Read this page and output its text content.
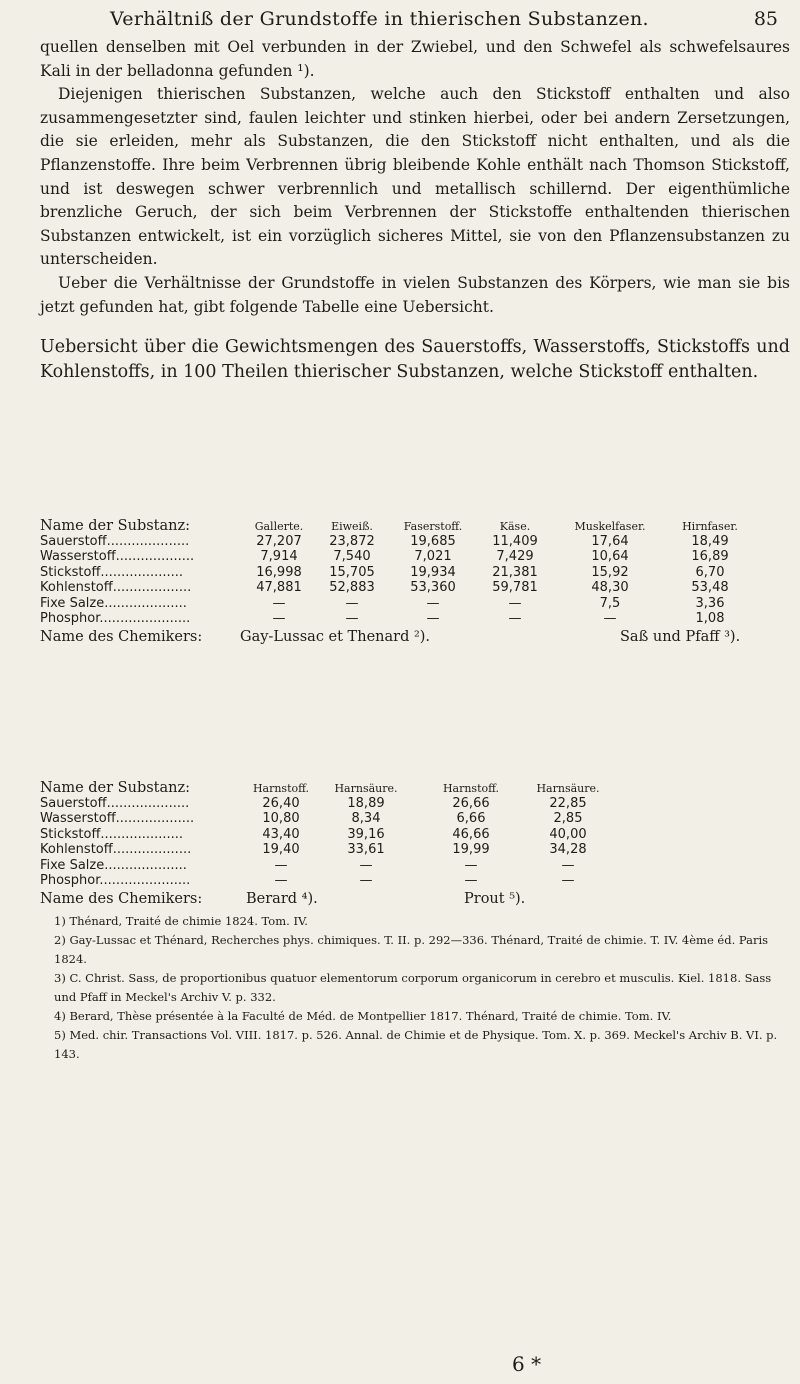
Verhältniß der Grundstoffe in thierischen Substanzen.	85

quellen denselben mit Oel verbunden in der Zwiebel, und den Schwefel als schwefelsaures Kali in der belladonna gefunden ¹).

Diejenigen thierischen Substanzen, welche auch den Stickstoff enthalten und also zusammengesetzter sind, faulen leichter und stinken hierbei, oder bei andern Zersetzungen, die sie erleiden, mehr als Substanzen, die den Stickstoff nicht enthalten, und als die Pflanzenstoffe. Ihre beim Verbrennen übrig bleibende Kohle enthält nach Thomson Stickstoff, und ist deswegen schwer verbrennlich und metallisch schillernd. Der eigenthümliche brenzliche Geruch, der sich beim Verbrennen der Stickstoffe enthaltenden thierischen Substanzen entwickelt, ist ein vorzüglich sicheres Mittel, sie von den Pflanzensubstanzen zu unterscheiden.

Ueber die Verhältnisse der Grundstoffe in vielen Substanzen des Körpers, wie man sie bis jetzt gefunden hat, gibt folgende Tabelle eine Uebersicht.

Uebersicht über die Gewichtsmengen des Sauerstoffs, Wasserstoffs, Stickstoffs und Kohlenstoffs, in 100 Theilen thierischer Substanzen, welche Stickstoff enthalten.

Name der Substanz:	Gallerte.	Eiweiß.	Faserstoff.	Käse.	Muskelfaser.	Hirnfaser.
Sauerstoff....................	27,207	23,872	19,685	11,409	17,64	18,49
Wasserstoff...................	7,914	7,540	7,021	7,429	10,64	16,89
Stickstoff....................	16,998	15,705	19,934	21,381	15,92	6,70
Kohlenstoff...................	47,881	52,883	53,360	59,781	48,30	53,48
Fixe Salze....................	—	—	—	—	7,5	3,36
Phosphor......................	—	—	—	—	—	1,08
Name des Chemikers:	Gay-Lussac et Thenard ²).	Saß und Pfaff ³).
Name der Substanz:	Harnstoff.	Harnsäure.	Harnstoff.	Harnsäure.
Sauerstoff....................	26,40	18,89	26,66	22,85
Wasserstoff...................	10,80	8,34	6,66	2,85
Stickstoff....................	43,40	39,16	46,66	40,00
Kohlenstoff...................	19,40	33,61	19,99	34,28
Fixe Salze....................	—	—	—	—
Phosphor......................	—	—	—	—
Name des Chemikers:	Berard ⁴).	Prout ⁵).

1) Thénard, Traité de chimie 1824. Tom. IV.

2) Gay-Lussac et Thénard, Recherches phys. chimiques. T. II. p. 292—336. Thénard, Traité de chimie. T. IV. 4ème éd. Paris 1824.

3) C. Christ. Sass, de proportionibus quatuor elementorum corporum organicorum in cerebro et musculis. Kiel. 1818. Sass und Pfaff in Meckel's Archiv V. p. 332.

4) Berard, Thèse présentée à la Faculté de Méd. de Montpellier 1817. Thénard, Traité de chimie. Tom. IV.

5) Med. chir. Transactions Vol. VIII. 1817. p. 526. Annal. de Chimie et de Physique. Tom. X. p. 369. Meckel's Archiv B. VI. p. 143.

6 *
